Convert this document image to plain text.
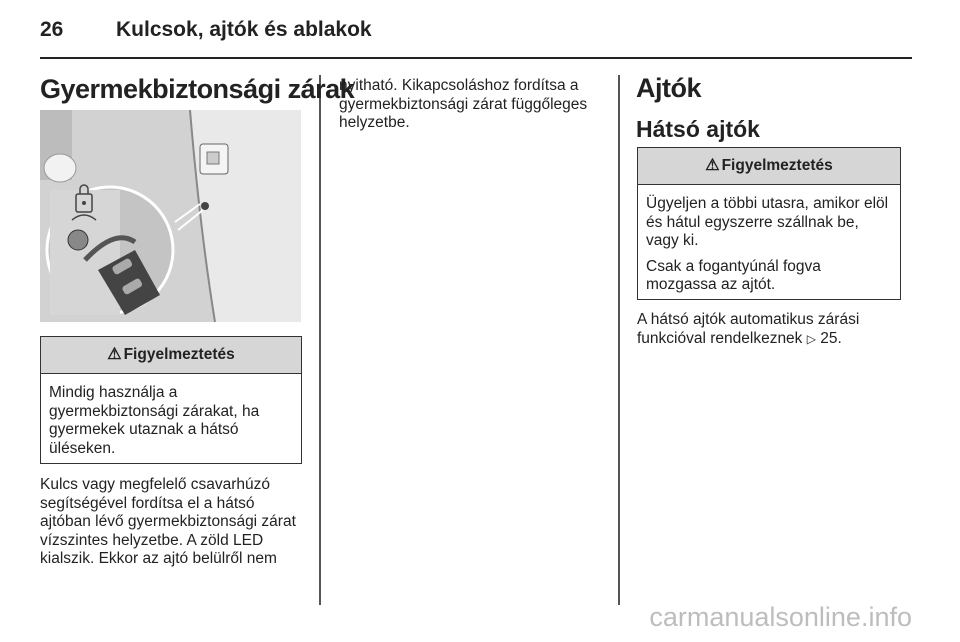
26	Kulcsok, ajtók és ablakok
Gyermekbiztonsági zárak
⚠ Figyelmeztetés

Mindig használja a gyermekbiztonsági zárakat, ha gyermekek utaznak a hátsó üléseken.

Kulcs vagy megfelelő csavarhúzó segítségével fordítsa el a hátsó ajtóban lévő gyermekbiztonsági zárat vízszintes helyzetbe. A zöld LED kialszik. Ekkor az ajtó belülről nem
nyitható. Kikapcsoláshoz fordítsa a gyermekbiztonsági zárat függőleges helyzetbe.
Ajtók
Hátsó ajtók
⚠ Figyelmeztetés

Ügyeljen a többi utasra, amikor elöl és hátul egyszerre szállnak be, vagy ki.

Csak a fogantyúnál fogva mozgassa az ajtót.

A hátsó ajtók automatikus zárási funkcióval rendelkeznek ▷ 25.
carmanualsonline.info
